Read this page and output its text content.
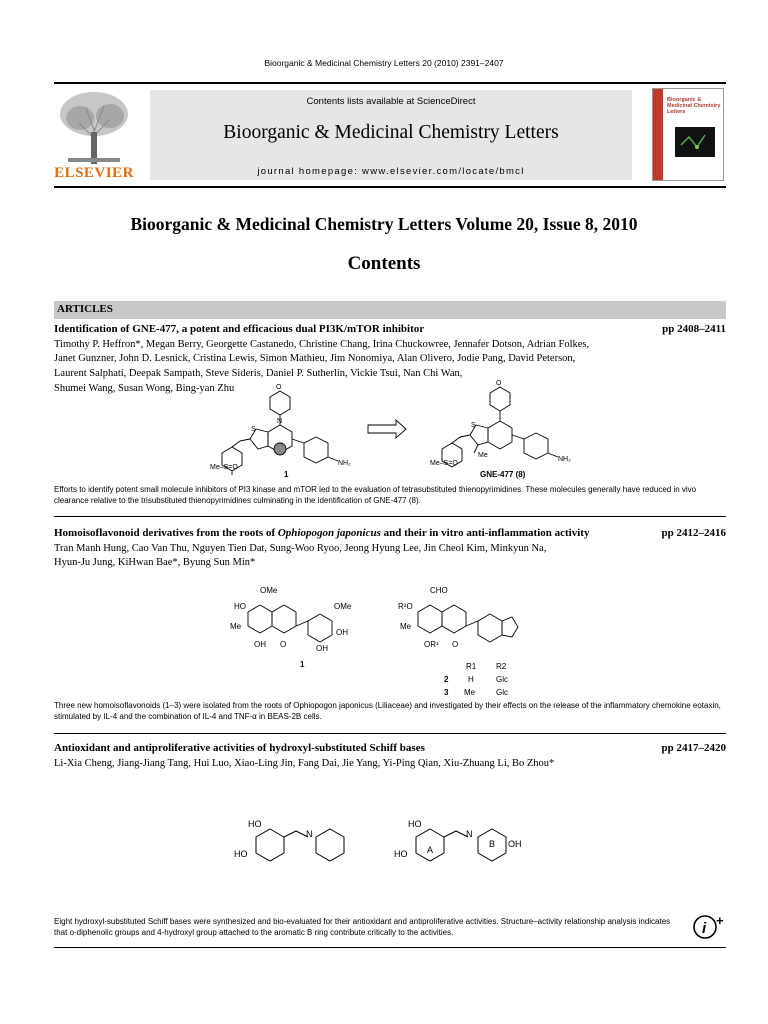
Bioorganic & Medicinal Chemistry Letters 20 (2010) 2391–2407
ELSEVIER
Contents lists available at ScienceDirect
Bioorganic & Medicinal Chemistry Letters
journal homepage: www.elsevier.com/locate/bmcl
Bioorganic & Medicinal Chemistry Letters
Bioorganic & Medicinal Chemistry Letters Volume 20, Issue 8, 2010
Contents
ARTICLES
Identification of GNE-477, a potent and efficacious dual PI3K/mTOR inhibitor	pp 2408–2411
Timothy P. Heffron*, Megan Berry, Georgette Castanedo, Christine Chang, Irina Chuckowree, Jennafer Dotson, Adrian Folkes,
Janet Gunzner, John D. Lesnick, Cristina Lewis, Simon Mathieu, Jim Nonomiya, Alan Olivero, Jodie Pang, David Peterson,
Laurent Salphati, Deepak Sampath, Steve Sideris, Daniel P. Sutherlin, Vickie Tsui, Nan Chi Wan,
Shumei Wang, Susan Wong, Bing-yan Zhu	O
N
S
Me–S=O
NH₂
1
O
S
Me
Me–S=O
NH₂
GNE-477 (8)
Efforts to identify potent small molecule inhibitors of PI3 kinase and mTOR led to the evaluation of tetrasubstituted thienopyrimidines. These molecules generally have reduced in vivo clearance relative to the trisubstituted thienopyrimidines culminating in the identification of GNE-477 (8).
Homoisoflavonoid derivatives from the roots of Ophiopogon japonicus and their in vitro anti-inflammation activity	pp 2412–2416
Tran Manh Hung, Cao Van Thu, Nguyen Tien Dat, Sung-Woo Ryoo, Jeong Hyung Lee, Jin Cheol Kim, Minkyun Na,
Hyun-Ju Jung, KiHwan Bae*, Byung Sun Min*
OMe
HO
Me
OH O
OMe
OH
OH
1
CHO
R²O
Me
OR¹ O
R1 R2
2 H	Glc
3 Me	Glc
Three new homoisoflavonoids (1–3) were isolated from the roots of Ophiopogon japonicus (Liliaceae) and investigated by their effects on the release of the inflammatory chemokine eotaxin, stimulated by IL-4 and the combination of IL-4 and TNF-α in BEAS-2B cells.
Antioxidant and antiproliferative activities of hydroxyl-substituted Schiff bases	pp 2417–2420
Li-Xia Cheng, Jiang-Jiang Tang, Hui Luo, Xiao-Ling Jin, Fang Dai, Jie Yang, Yi-Ping Qian, Xiu-Zhuang Li, Bo Zhou*
HO
HO
N
HO
HO
N
A
B OH
Eight hydroxyl-substituted Schiff bases were synthesized and bio-evaluated for their antioxidant and antiproliferative activities. Structure–activity relationship analysis indicates that o-diphenolic groups and 4-hydroxyl group attached to the aromatic B ring contribute critically to the activities.	i +
